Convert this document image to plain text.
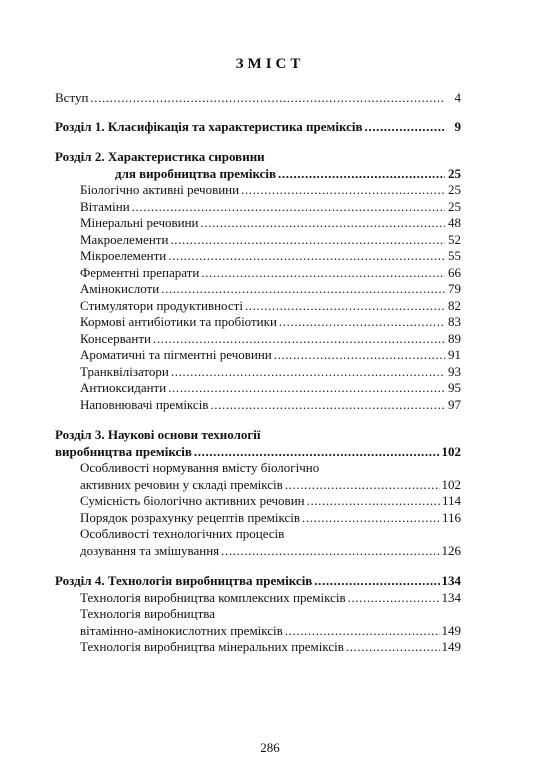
ЗМІСТ
Вступ .....	4
Розділ 1. Класифікація та характеристика преміксів .....	9
Розділ 2. Характеристика сировини
для виробництва преміксів .....	25
Біологічно активні речовини .....	25
Вітаміни .....	25
Мінеральні речовини .....	48
Макроелементи .....	52
Мікроелементи .....	55
Ферментні препарати .....	66
Амінокислоти .....	79
Стимулятори продуктивності .....	82
Кормові антибіотики та пробіотики .....	83
Консерванти .....	89
Ароматичні та пігментні речовини .....	91
Транквілізатори .....	93
Антиоксиданти .....	95
Наповнювачі преміксів .....	97
Розділ 3. Наукові основи технології
виробництва преміксів .....	102
Особливості нормування вмісту біологічно
активних речовин у складі преміксів .....	102
Сумісність біологічно активних речовин .....	114
Порядок розрахунку рецептів преміксів .....	116
Особливості технологічних процесів
дозування та змішування .....	126
Розділ 4. Технологія виробництва преміксів .....	134
Технологія виробництва комплексних преміксів .....	134
Технологія виробництва
вітамінно-амінокислотних преміксів .....	149
Технологія виробництва мінеральних преміксів .....	149
286
